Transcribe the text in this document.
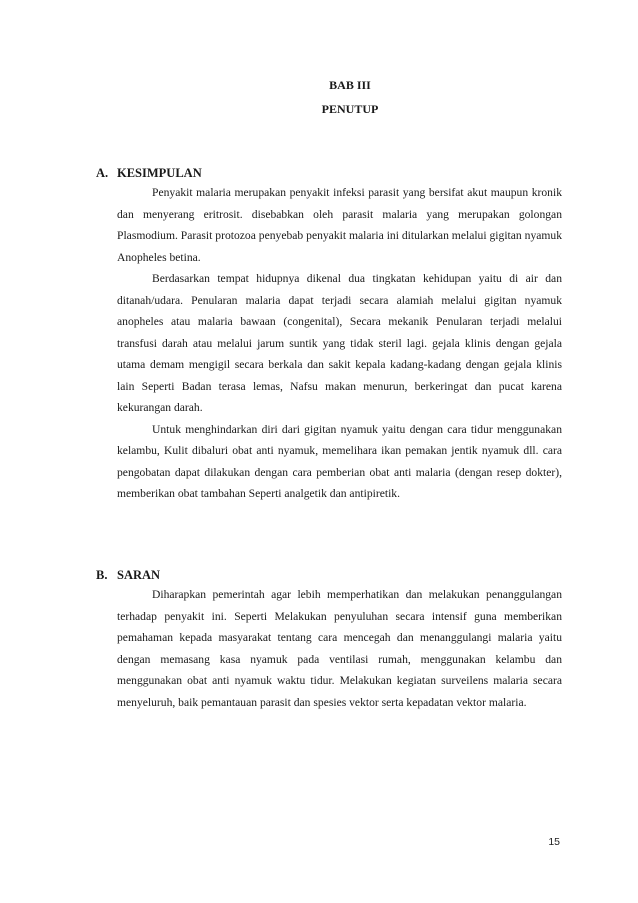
BAB III
PENUTUP
A. KESIMPULAN

Penyakit malaria merupakan penyakit infeksi parasit yang bersifat akut maupun kronik dan menyerang eritrosit. disebabkan oleh parasit malaria yang merupakan golongan Plasmodium. Parasit protozoa penyebab penyakit malaria ini ditularkan melalui gigitan nyamuk Anopheles betina.

Berdasarkan tempat hidupnya dikenal dua tingkatan kehidupan yaitu di air dan ditanah/udara. Penularan malaria dapat terjadi secara alamiah melalui gigitan nyamuk anopheles atau malaria bawaan (congenital), Secara mekanik Penularan terjadi melalui transfusi darah atau melalui jarum suntik yang tidak steril lagi. gejala klinis dengan gejala utama demam mengigil secara berkala dan sakit kepala kadang-kadang dengan gejala klinis lain Seperti Badan terasa lemas, Nafsu makan menurun, berkeringat dan pucat karena kekurangan darah.

Untuk menghindarkan diri dari gigitan nyamuk yaitu dengan cara tidur menggunakan kelambu, Kulit dibaluri obat anti nyamuk, memelihara ikan pemakan jentik nyamuk dll. cara pengobatan dapat dilakukan dengan cara pemberian obat anti malaria (dengan resep dokter), memberikan obat tambahan Seperti analgetik dan antipiretik.

B. SARAN

Diharapkan pemerintah agar lebih memperhatikan dan melakukan penanggulangan terhadap penyakit ini. Seperti Melakukan penyuluhan secara intensif guna memberikan pemahaman kepada masyarakat tentang cara mencegah dan menanggulangi malaria yaitu dengan memasang kasa nyamuk pada ventilasi rumah, menggunakan kelambu dan menggunakan obat anti nyamuk waktu tidur. Melakukan kegiatan surveilens malaria secara menyeluruh, baik pemantauan parasit dan spesies vektor serta kepadatan vektor malaria.

15
